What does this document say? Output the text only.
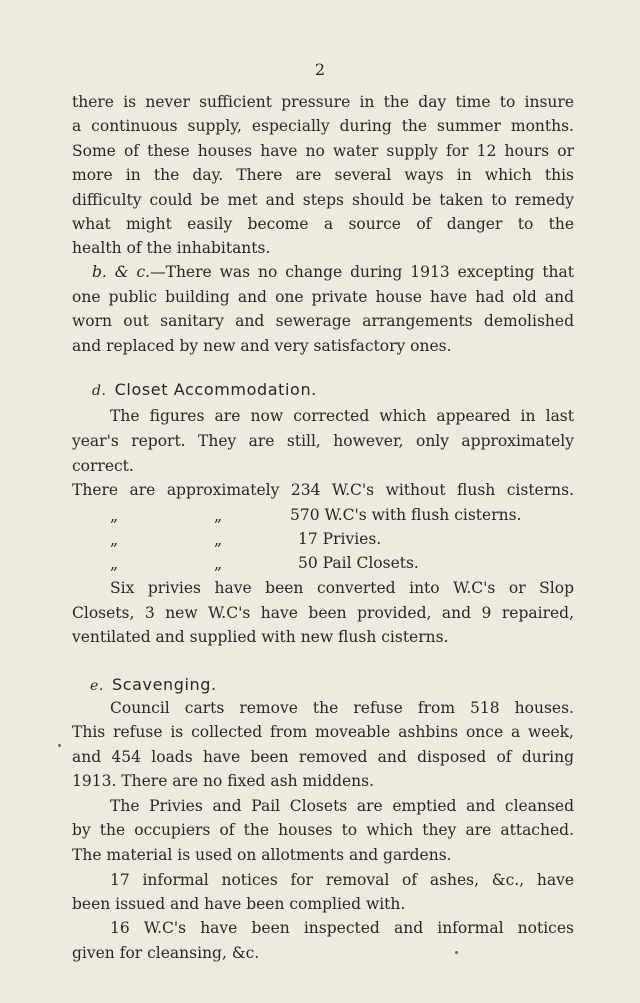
2
there is never sufficient pressure in the day time to insure
a continuous supply, especially during the summer months.
Some of these houses have no water supply for 12 hours or
more in the day. There are several ways in which this
difficulty could be met and steps should be taken to remedy
what might easily become a source of danger to the
health of the inhabitants.
b. & c.—There was no change during 1913 excepting that
one public building and one private house have had old and
worn out sanitary and sewerage arrangements demolished
and replaced by new and very satisfactory ones.
d. Closet Accommodation.
The figures are now corrected which appeared in last
year's report. They are still, however, only approximately
correct.
There are approximately 234 W.C's without flush cisterns.
„	„	570 W.C's with flush cisterns.
„	„	17 Privies.
„	„	50 Pail Closets.
Six privies have been converted into W.C's or Slop
Closets, 3 new W.C's have been provided, and 9 repaired,
ventilated and supplied with new flush cisterns.
e. Scavenging.
Council carts remove the refuse from 518 houses.
This refuse is collected from moveable ashbins once a week,
and 454 loads have been removed and disposed of during
1913. There are no fixed ash middens.
The Privies and Pail Closets are emptied and cleansed
by the occupiers of the houses to which they are attached.
The material is used on allotments and gardens.
17 informal notices for removal of ashes, &c., have
been issued and have been complied with.
16 W.C's have been inspected and informal notices
given for cleansing, &c.
